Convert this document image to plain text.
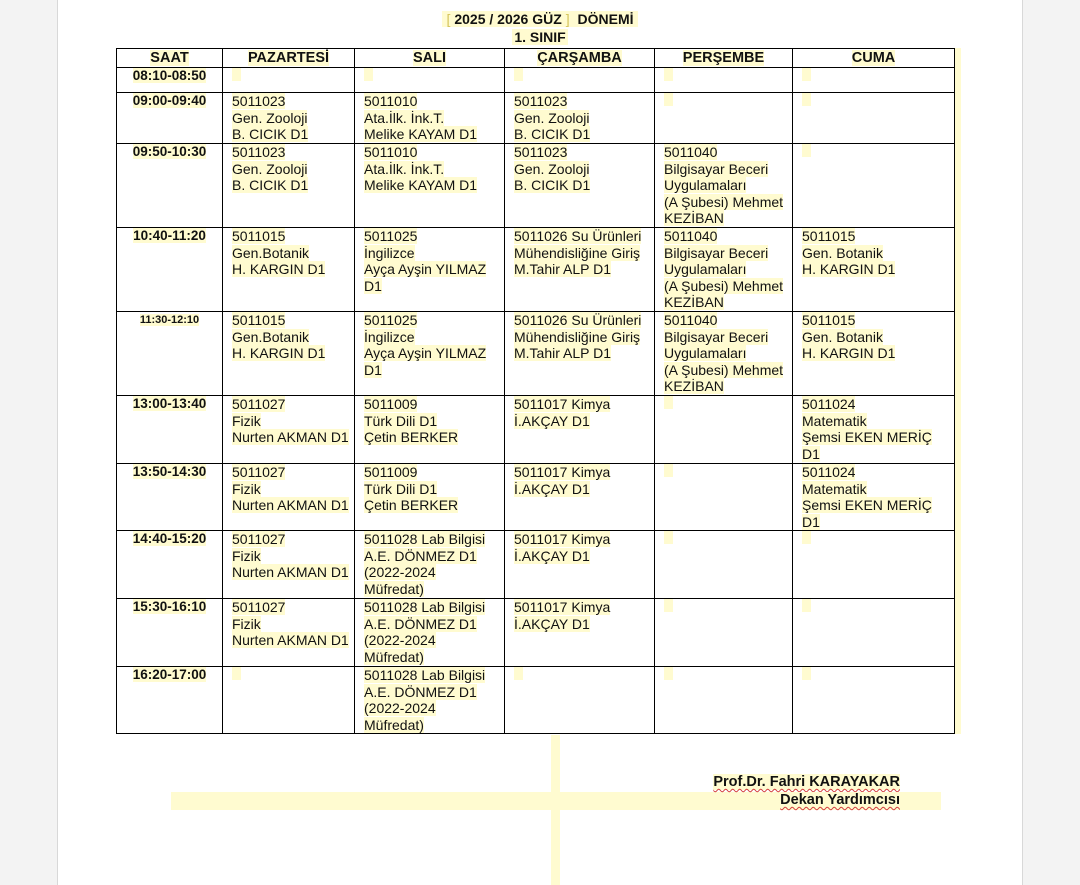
[ 2025 / 2026 GÜZ ] DÖNEMİ
1. SINIF
SAAT	PAZARTESİ	SALI	ÇARŞAMBA	PERŞEMBE	CUMA
08:10-08:50					
09:00-09:40	5011023
Gen. Zooloji
B. CICIK D1	5011010
Ata.İlk. İnk.T.
Melike KAYAM D1	5011023
Gen. Zooloji
B. CICIK D1		
09:50-10:30	5011023
Gen. Zooloji
B. CICIK D1	5011010
Ata.İlk. İnk.T.
Melike KAYAM D1	5011023
Gen. Zooloji
B. CICIK D1	5011040
Bilgisayar Beceri
Uygulamaları
(A Şubesi) Mehmet
KEZİBAN	
10:40-11:20	5011015
Gen.Botanik
H. KARGIN D1	5011025
İngilizce
Ayça Ayşin YILMAZ
D1	5011026 Su Ürünleri
Mühendisliğine Giriş
M.Tahir ALP D1	5011040
Bilgisayar Beceri
Uygulamaları
(A Şubesi) Mehmet
KEZİBAN	5011015
Gen. Botanik
H. KARGIN D1
11:30-12:10	5011015
Gen.Botanik
H. KARGIN D1	5011025
İngilizce
Ayça Ayşin YILMAZ
D1	5011026 Su Ürünleri
Mühendisliğine Giriş
M.Tahir ALP D1	5011040
Bilgisayar Beceri
Uygulamaları
(A Şubesi) Mehmet
KEZİBAN	5011015
Gen. Botanik
H. KARGIN D1
13:00-13:40	5011027
Fizik
Nurten AKMAN D1	5011009
Türk Dili D1
Çetin BERKER	5011017 Kimya
İ.AKÇAY D1		5011024
Matematik
Şemsi EKEN MERİÇ
D1
13:50-14:30	5011027
Fizik
Nurten AKMAN D1	5011009
Türk Dili D1
Çetin BERKER	5011017 Kimya
İ.AKÇAY D1		5011024
Matematik
Şemsi EKEN MERİÇ
D1
14:40-15:20	5011027
Fizik
Nurten AKMAN D1	5011028 Lab Bilgisi
A.E. DÖNMEZ D1
(2022-2024
Müfredat)	5011017 Kimya
İ.AKÇAY D1		
15:30-16:10	5011027
Fizik
Nurten AKMAN D1	5011028 Lab Bilgisi
A.E. DÖNMEZ D1
(2022-2024
Müfredat)	5011017 Kimya
İ.AKÇAY D1		
16:20-17:00		5011028 Lab Bilgisi
A.E. DÖNMEZ D1
(2022-2024
Müfredat)			
Prof.Dr. Fahri KARAYAKAR
Dekan Yardımcısı
